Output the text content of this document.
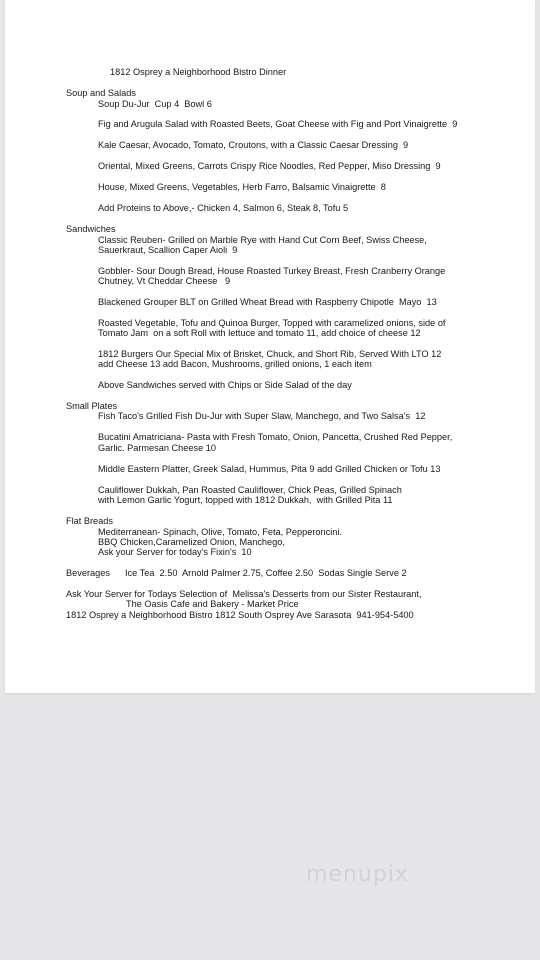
1812 Osprey a Neighborhood Bistro Dinner
Soup and Salads
Soup Du-Jur  Cup 4  Bowl 6
Fig and Arugula Salad with Roasted Beets, Goat Cheese with Fig and Port Vinaigrette  9
Kale Caesar, Avocado, Tomato, Croutons, with a Classic Caesar Dressing  9
Oriental, Mixed Greens, Carrots Crispy Rice Noodles, Red Pepper, Miso Dressing  9
House, Mixed Greens, Vegetables, Herb Farro, Balsamic Vinaigrette  8
Add Proteins to Above,- Chicken 4, Salmon 6, Steak 8, Tofu 5
Sandwiches
Classic Reuben- Grilled on Marble Rye with Hand Cut Corn Beef, Swiss Cheese,
Sauerkraut, Scallion Caper Aioli  9
Gobbler- Sour Dough Bread, House Roasted Turkey Breast, Fresh Cranberry Orange
Chutney, Vt Cheddar Cheese   9
Blackened Grouper BLT on Grilled Wheat Bread with Raspberry Chipotle  Mayo  13
Roasted Vegetable, Tofu and Quinoa Burger, Topped with caramelized onions, side of
Tomato Jam  on a soft Roll with lettuce and tomato 11, add choice of cheese 12
1812 Burgers Our Special Mix of Brisket, Chuck, and Short Rib, Served With LTO 12
add Cheese 13 add Bacon, Mushrooms, grilled onions, 1 each item
Above Sandwiches served with Chips or Side Salad of the day
Small Plates
Fish Taco's Grilled Fish Du-Jur with Super Slaw, Manchego, and Two Salsa's  12
Bucatini Amatriciana- Pasta with Fresh Tomato, Onion, Pancetta, Crushed Red Pepper,
Garlic. Parmesan Cheese 10
Middle Eastern Platter, Greek Salad, Hummus, Pita 9 add Grilled Chicken or Tofu 13
Cauliflower Dukkah, Pan Roasted Cauliflower, Chick Peas, Grilled Spinach
with Lemon Garlic Yogurt, topped with 1812 Dukkah,  with Grilled Pita 11
Flat Breads
Mediterranean- Spinach, Olive, Tomato, Feta, Pepperoncini.
BBQ Chicken,Caramelized Onion, Manchego,
Ask your Server for today's Fixin's  10
Beverages Ice Tea  2.50  Arnold Palmer 2.75, Coffee 2.50  Sodas Single Serve 2
Ask Your Server for Todays Selection of  Melissa's Desserts from our Sister Restaurant,
The Oasis Cafe and Bakery - Market Price
1812 Osprey a Neighborhood Bistro 1812 South Osprey Ave Sarasota  941-954-5400
menupix
